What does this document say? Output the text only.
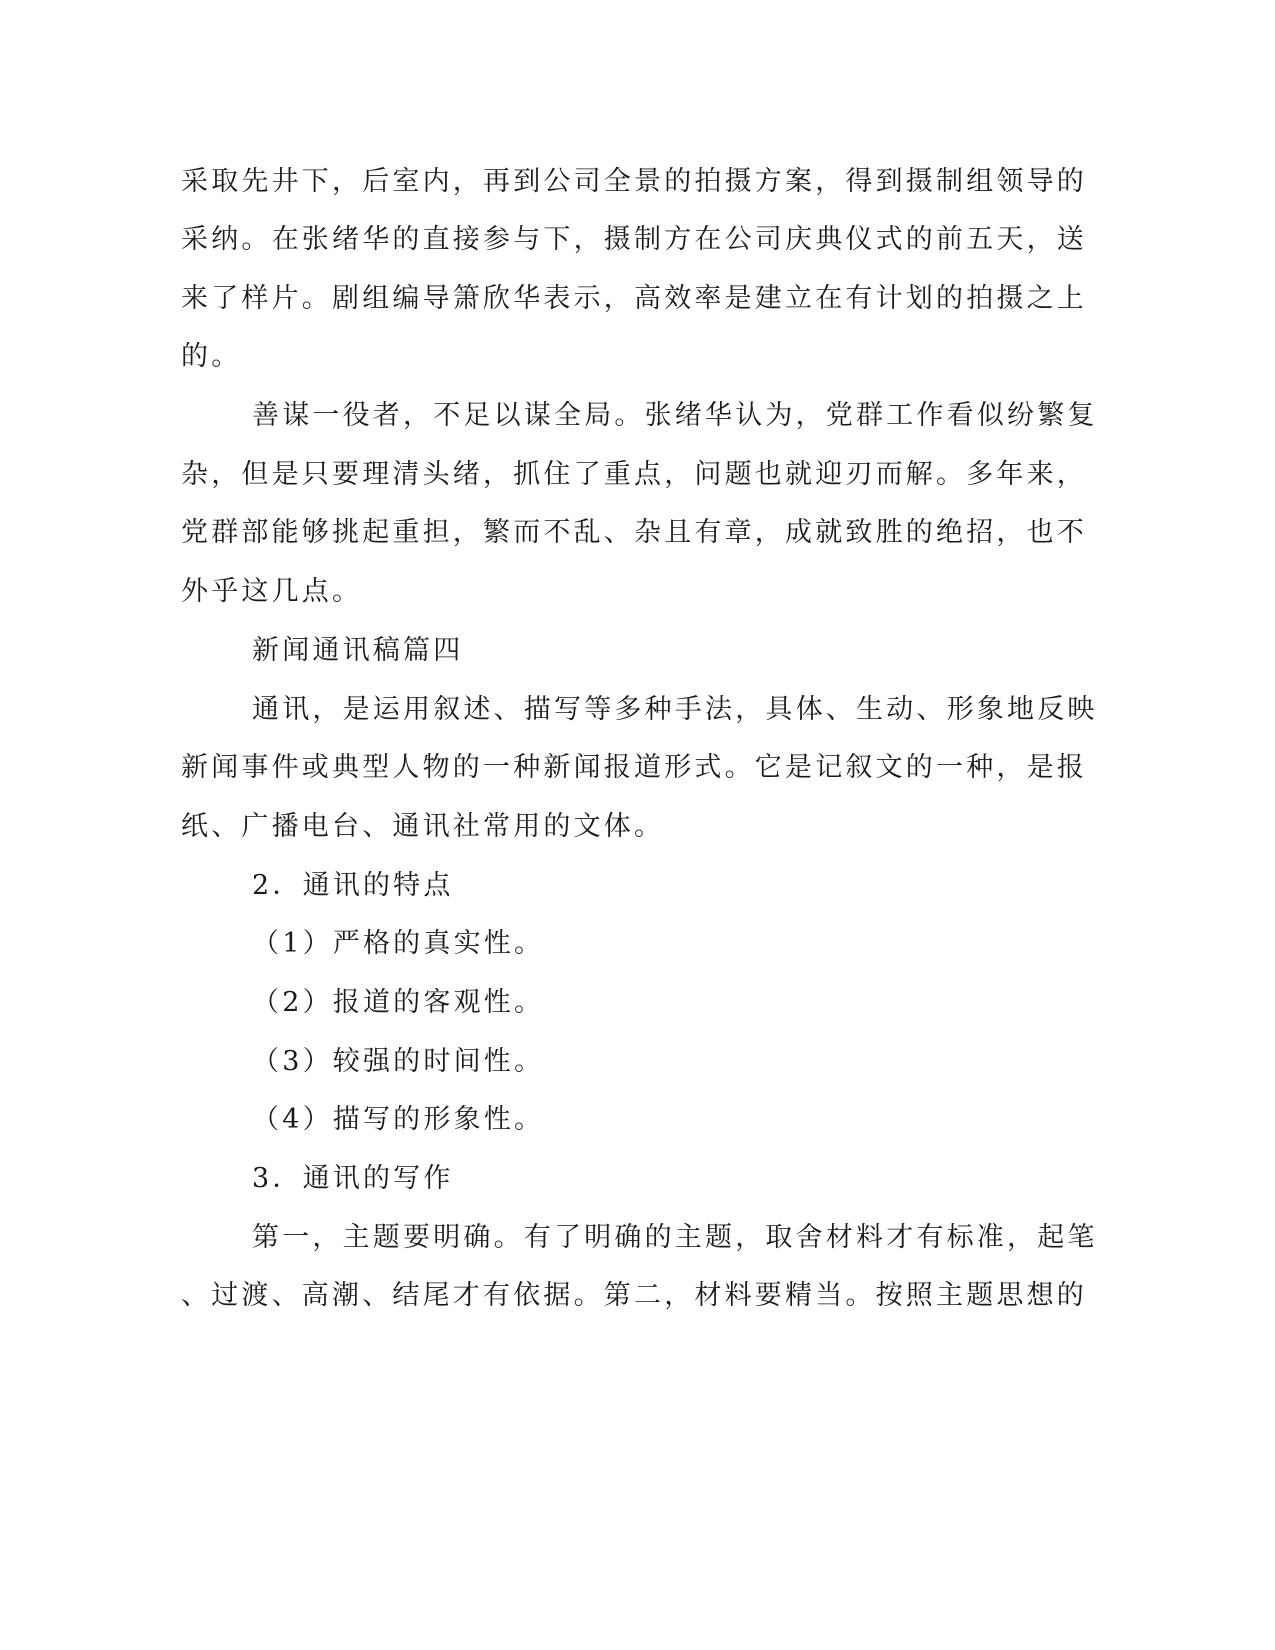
采取先井下，后室内，再到公司全景的拍摄方案，得到摄制组领导的

采纳。在张绪华的直接参与下，摄制方在公司庆典仪式的前五天，送

来了样片。剧组编导箫欣华表示，高效率是建立在有计划的拍摄之上

的。

善谋一役者，不足以谋全局。张绪华认为，党群工作看似纷繁复

杂，但是只要理清头绪，抓住了重点，问题也就迎刃而解。多年来，

党群部能够挑起重担，繁而不乱、杂且有章，成就致胜的绝招，也不

外乎这几点。

新闻通讯稿篇四

通讯，是运用叙述、描写等多种手法，具体、生动、形象地反映

新闻事件或典型人物的一种新闻报道形式。它是记叙文的一种，是报

纸、广播电台、通讯社常用的文体。

2．通讯的特点

（1）严格的真实性。

（2）报道的客观性。

（3）较强的时间性。

（4）描写的形象性。

3．通讯的写作

第一，主题要明确。有了明确的主题，取舍材料才有标准，起笔

、过渡、高潮、结尾才有依据。第二，材料要精当。按照主题思想的
